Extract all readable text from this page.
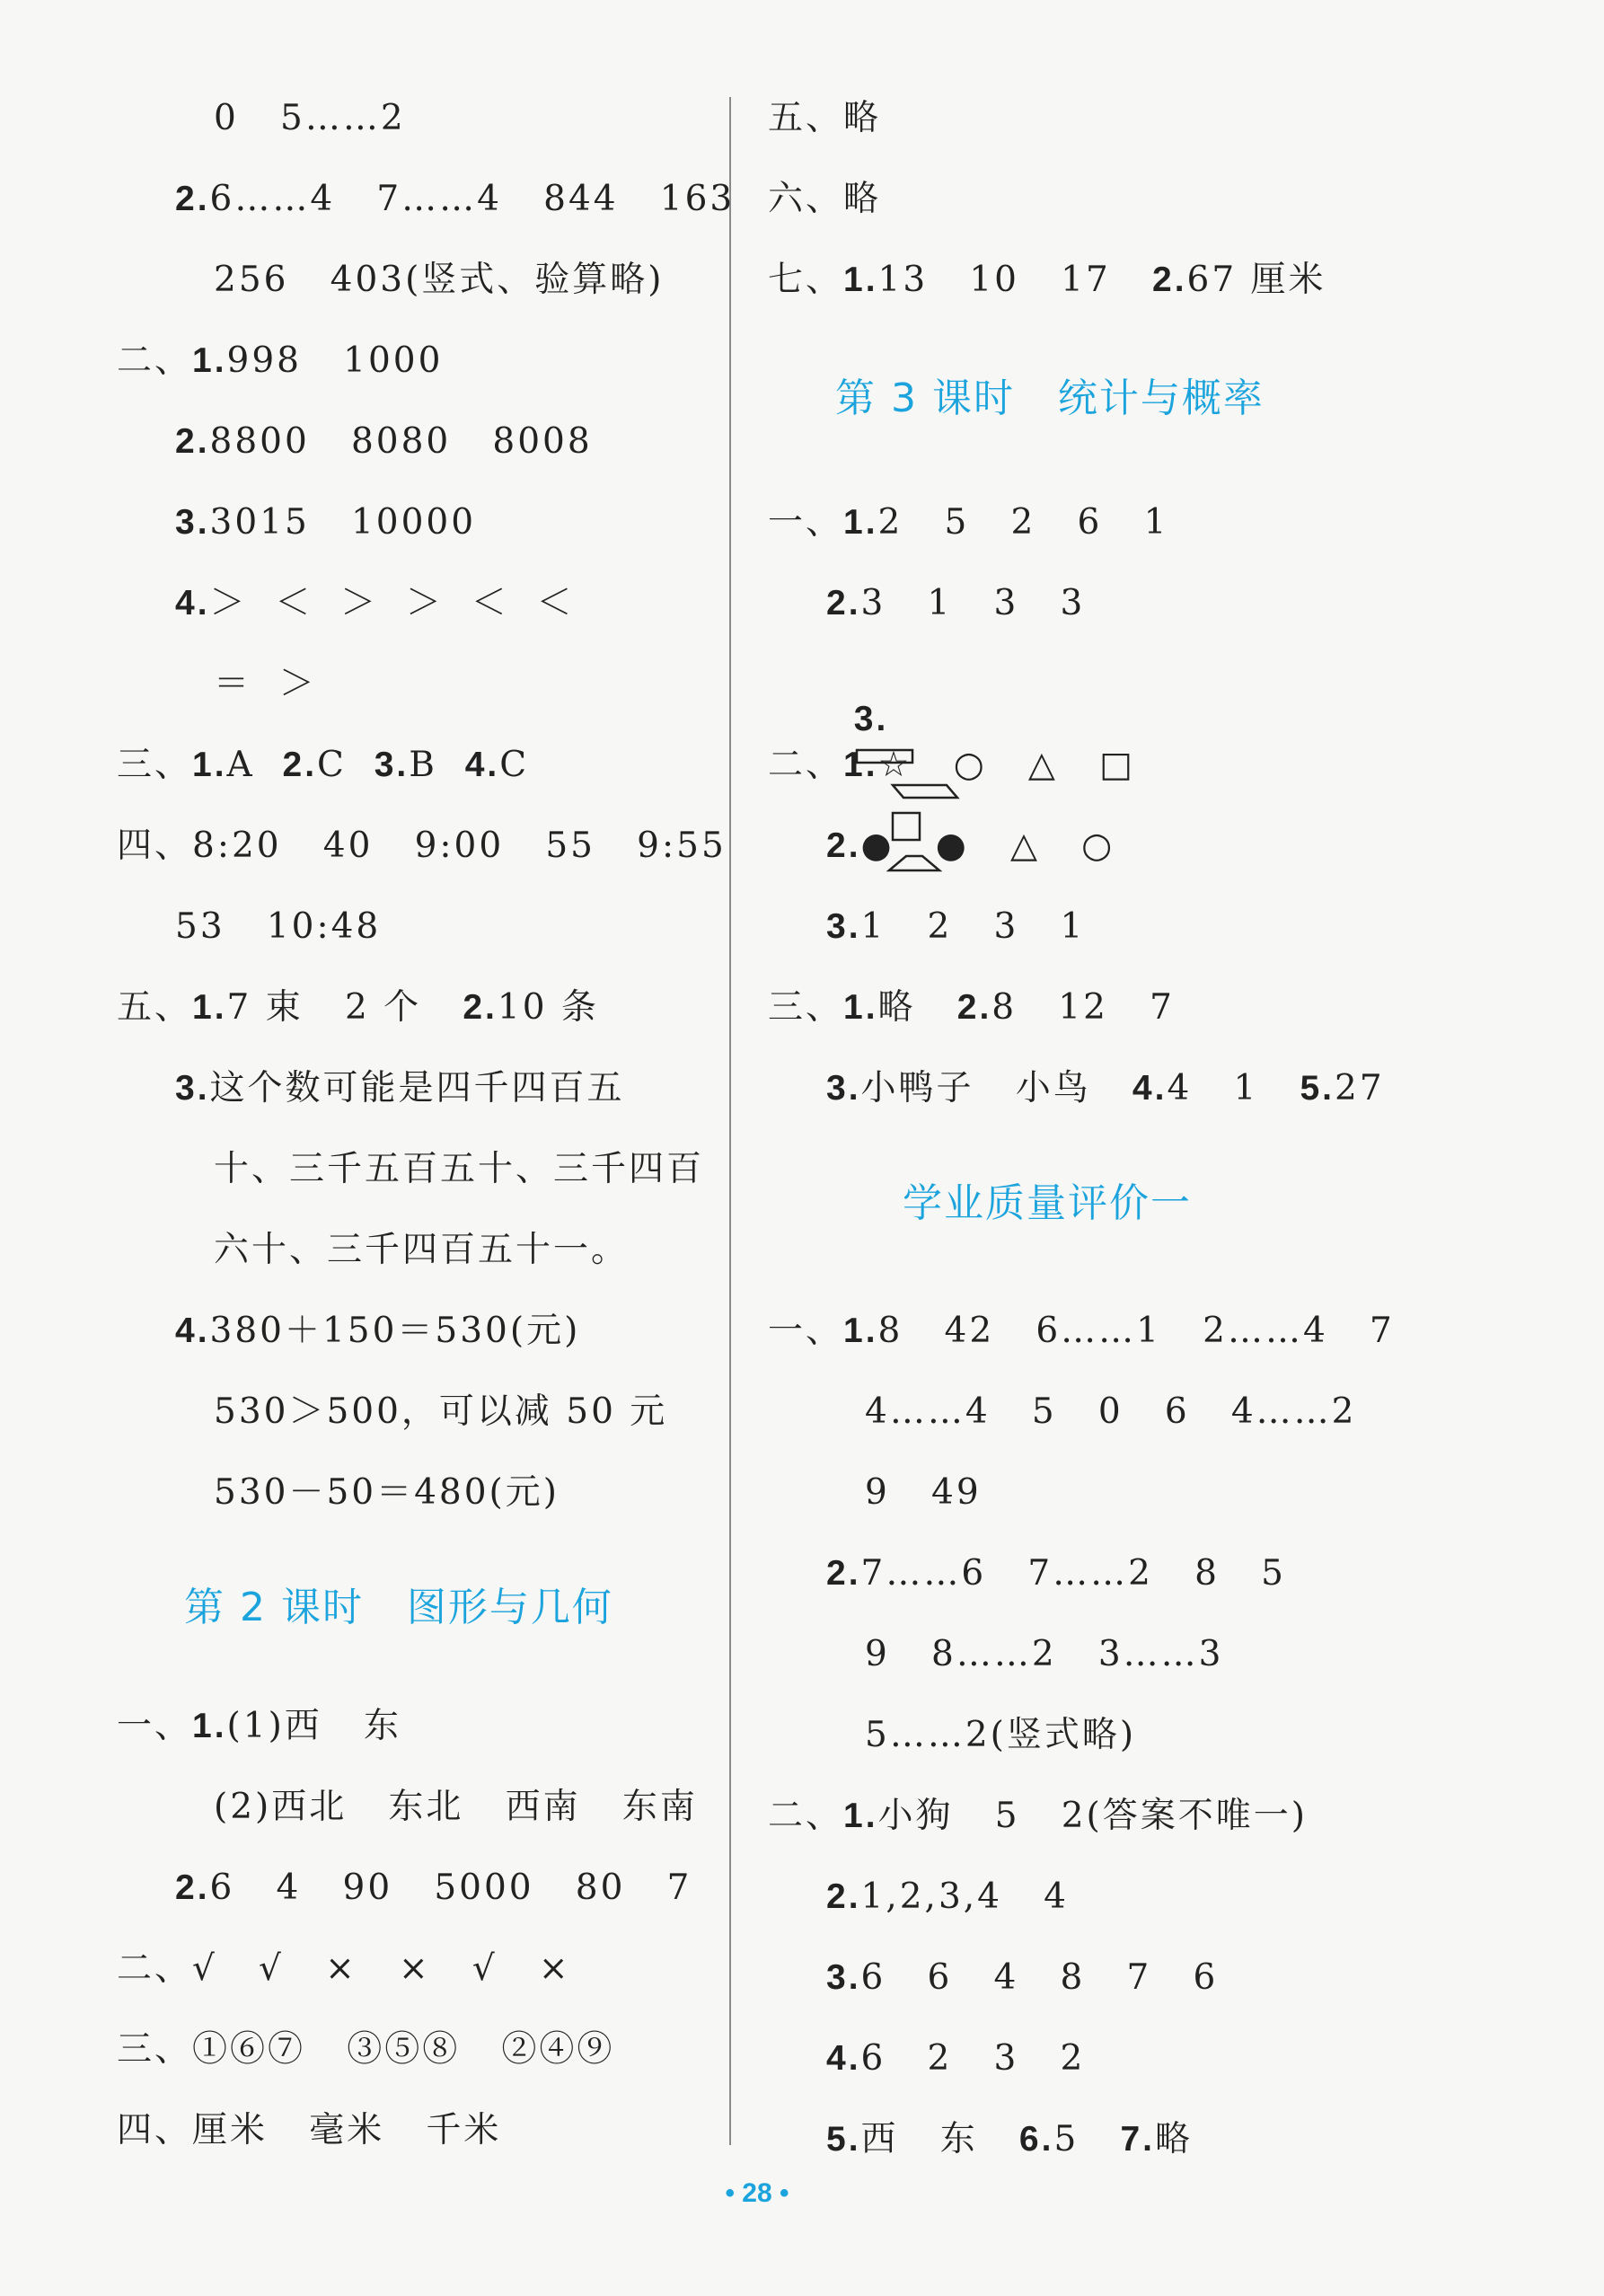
0   5……2
2.6……4   7……4   844   163
256   403(竖式、验算略)
二、1.998   1000
2.8800   8080   8008
3.3015   10000
4.＞  ＜  ＞  ＞  ＜  ＜
＝  ＞
三、1.A  2.C  3.B  4.C
四、8:20   40   9:00   55   9:55
53   10:48
五、1.7 束   2 个   2.10 条
3.这个数可能是四千四百五
十、三千五百五十、三千四百
六十、三千四百五十一。
4.380＋150＝530(元)
530＞500，可以减 50 元
530－50＝480(元)
第 2 课时   图形与几何
一、1.(1)西   东
(2)西北   东北   西南   东南
2.6   4   90   5000   80   7
二、√   √   ×   ×   √   ×
三、①⑥⑦   ③⑤⑧   ②④⑨
四、厘米   毫米   千米
五、略
六、略
七、1.13   10   17   2.67 厘米
第 3 课时   统计与概率
一、1.2   5   2   6   1
2.3   1   3   3

3.

二、1.☆   ○   △   □
2.●   ●   △   ○
3.1   2   3   1
三、1.略   2.8   12   7
3.小鸭子   小鸟   4.4   1   5.27
学业质量评价一
一、1.8   42   6……1   2……4   7
4……4   5   0   6   4……2
9   49
2.7……6   7……2   8   5
9   8……2   3……3
5……2(竖式略)
二、1.小狗   5   2(答案不唯一)
2.1,2,3,4   4
3.6   6   4   8   7   6
4.6   2   3   2
5.西   东   6.5   7.略
• 28 •
